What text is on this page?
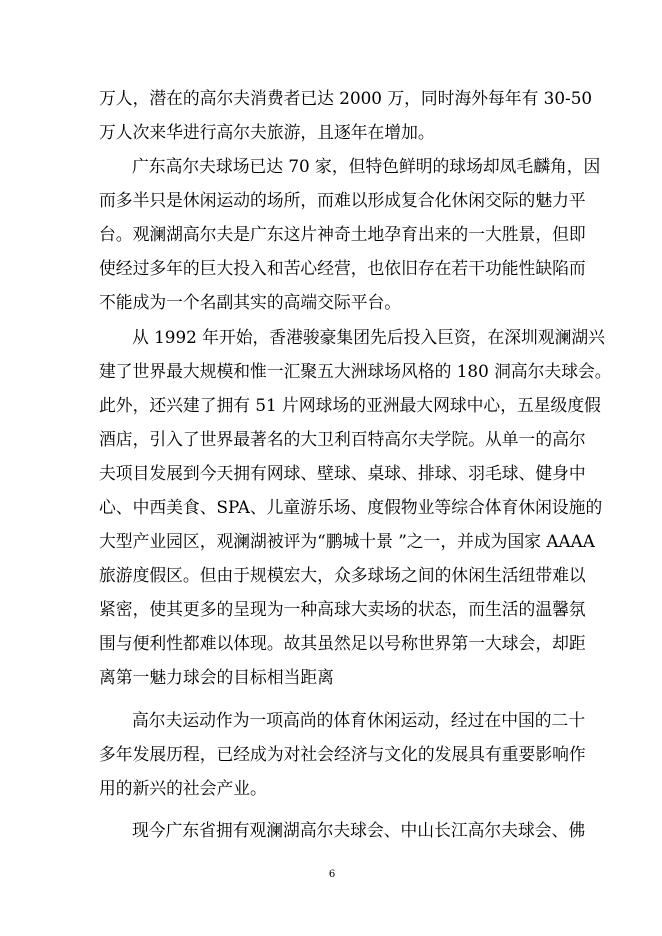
万人，潜在的高尔夫消费者已达 2000 万，同时海外每年有 30-50
万人次来华进行高尔夫旅游，且逐年在增加。
广东高尔夫球场已达 70 家，但特色鲜明的球场却凤毛麟角，因
而多半只是休闲运动的场所，而难以形成复合化休闲交际的魅力平
台。观澜湖高尔夫是广东这片神奇土地孕育出来的一大胜景，但即
使经过多年的巨大投入和苦心经营，也依旧存在若干功能性缺陷而
不能成为一个名副其实的高端交际平台。
从 1992 年开始，香港骏豪集团先后投入巨资，在深圳观澜湖兴
建了世界最大规模和惟一汇聚五大洲球场风格的 180 洞高尔夫球会。
此外，还兴建了拥有 51 片网球场的亚洲最大网球中心，五星级度假
酒店，引入了世界最著名的大卫利百特高尔夫学院。从单一的高尔
夫项目发展到今天拥有网球、壁球、桌球、排球、羽毛球、健身中
心、中西美食、SPA、儿童游乐场、度假物业等综合体育休闲设施的
大型产业园区，观澜湖被评为“鹏城十景 ”之一，并成为国家 AAAA
旅游度假区。但由于规模宏大，众多球场之间的休闲生活纽带难以
紧密，使其更多的呈现为一种高球大卖场的状态，而生活的温馨氛
围与便利性都难以体现。故其虽然足以号称世界第一大球会，却距
离第一魅力球会的目标相当距离
高尔夫运动作为一项高尚的体育休闲运动，经过在中国的二十
多年发展历程，已经成为对社会经济与文化的发展具有重要影响作
用的新兴的社会产业。
现今广东省拥有观澜湖高尔夫球会、中山长江高尔夫球会、佛
6
